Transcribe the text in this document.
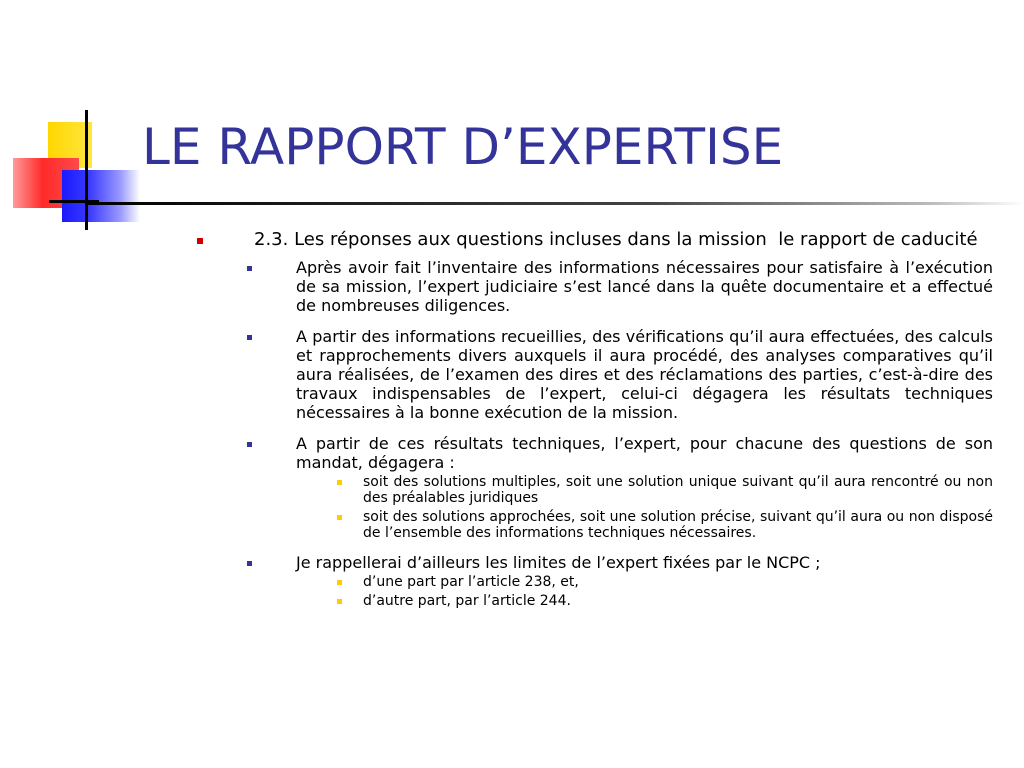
LE RAPPORT D’EXPERTISE
2.3. Les réponses aux questions incluses dans la mission  le rapport de caducité
Après avoir fait l’inventaire des informations nécessaires pour satisfaire à l’exécution de sa mission, l’expert judiciaire s’est lancé dans la quête documentaire et a effectué de nombreuses diligences.
A partir des informations recueillies, des vérifications qu’il aura effectuées, des calculs et rapprochements divers auxquels il aura procédé, des analyses comparatives qu’il aura réalisées, de l’examen des dires et des réclamations des parties, c’est-à-dire des travaux indispensables de l’expert, celui-ci dégagera les résultats techniques nécessaires à la bonne exécution de la mission.
A partir de ces résultats techniques, l’expert, pour chacune des questions de son mandat, dégagera :
soit des solutions multiples, soit une solution unique suivant qu’il aura rencontré ou non des préalables juridiques
soit des solutions approchées, soit une solution précise, suivant qu’il aura ou non disposé de l’ensemble des informations techniques nécessaires.
Je rappellerai d’ailleurs les limites de l’expert fixées par le NCPC ;
d’une part par l’article 238, et,
d’autre part, par l’article 244.
